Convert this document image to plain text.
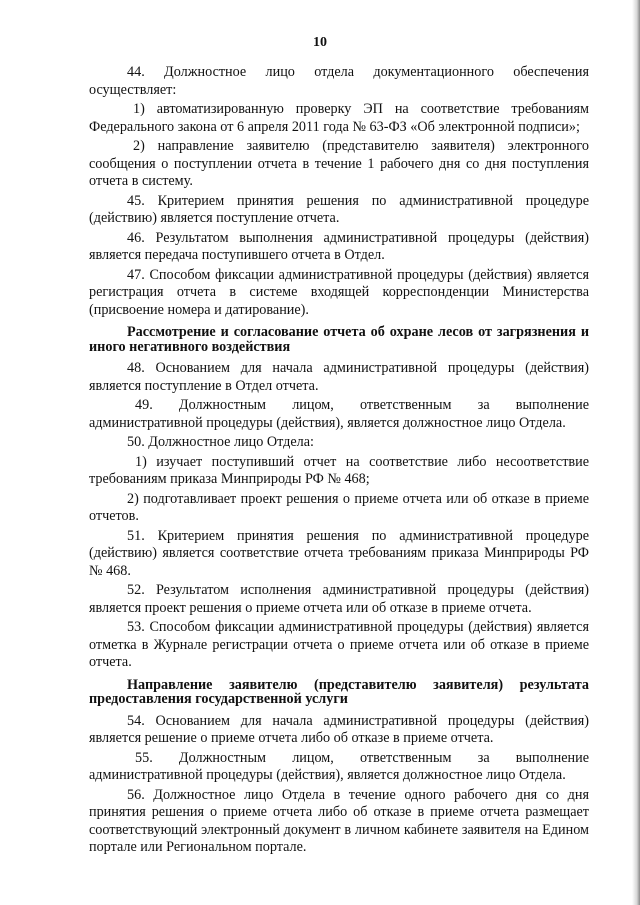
10

44. Должностное лицо отдела документационного обеспечения осуществляет:

1) автоматизированную проверку ЭП на соответствие требованиям Федерального закона от 6 апреля 2011 года № 63-ФЗ «Об электронной подписи»;

2) направление заявителю (представителю заявителя) электронного сообщения о поступлении отчета в течение 1 рабочего дня со дня поступления отчета в систему.

45. Критерием принятия решения по административной процедуре (действию) является поступление отчета.

46. Результатом выполнения административной процедуры (действия) является передача поступившего отчета в Отдел.

47. Способом фиксации административной процедуры (действия) является регистрация отчета в системе входящей корреспонденции Министерства (присвоение номера и датирование).

Рассмотрение и согласование отчета об охране лесов от загрязнения и иного негативного воздействия

48. Основанием для начала административной процедуры (действия) является поступление в Отдел отчета.

49. Должностным лицом, ответственным за выполнение административной процедуры (действия), является должностное лицо Отдела.

50. Должностное лицо Отдела:

1) изучает поступивший отчет на соответствие либо несоответствие требованиям приказа Минприроды РФ № 468;

2) подготавливает проект решения о приеме отчета или об отказе в приеме отчетов.

51. Критерием принятия решения по административной процедуре (действию) является соответствие отчета требованиям приказа Минприроды РФ № 468.

52. Результатом исполнения административной процедуры (действия) является проект решения о приеме отчета или об отказе в приеме отчета.

53. Способом фиксации административной процедуры (действия) является отметка в Журнале регистрации отчета о приеме отчета или об отказе в приеме отчета.

Направление заявителю (представителю заявителя) результата предоставления государственной услуги

54. Основанием для начала административной процедуры (действия) является решение о приеме отчета либо об отказе в приеме отчета.

55. Должностным лицом, ответственным за выполнение административной процедуры (действия), является должностное лицо Отдела.

56. Должностное лицо Отдела в течение одного рабочего дня со дня принятия решения о приеме отчета либо об отказе в приеме отчета размещает соответствующий электронный документ в личном кабинете заявителя на Едином портале или Региональном портале.
